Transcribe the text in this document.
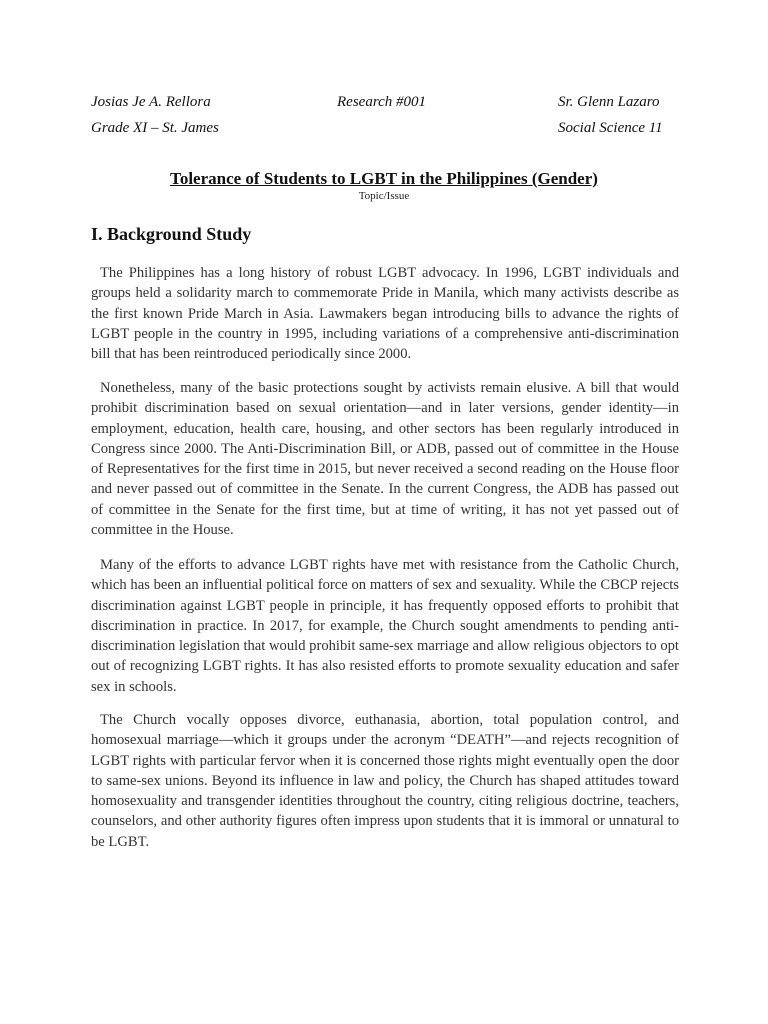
Josias Je A. Rellora	Research #001	Sr. Glenn Lazaro
Grade XI – St. James	Social Science 11
Tolerance of Students to LGBT in the Philippines (Gender)
Topic/Issue
I. Background Study

The Philippines has a long history of robust LGBT advocacy. In 1996, LGBT individuals and groups held a solidarity march to commemorate Pride in Manila, which many activists describe as the first known Pride March in Asia. Lawmakers began introducing bills to advance the rights of LGBT people in the country in 1995, including variations of a comprehensive anti-discrimination bill that has been reintroduced periodically since 2000.

Nonetheless, many of the basic protections sought by activists remain elusive. A bill that would prohibit discrimination based on sexual orientation—and in later versions, gender identity—in employment, education, health care, housing, and other sectors has been regularly introduced in Congress since 2000. The Anti-Discrimination Bill, or ADB, passed out of committee in the House of Representatives for the first time in 2015, but never received a second reading on the House floor and never passed out of committee in the Senate. In the current Congress, the ADB has passed out of committee in the Senate for the first time, but at time of writing, it has not yet passed out of committee in the House.

Many of the efforts to advance LGBT rights have met with resistance from the Catholic Church, which has been an influential political force on matters of sex and sexuality. While the CBCP rejects discrimination against LGBT people in principle, it has frequently opposed efforts to prohibit that discrimination in practice. In 2017, for example, the Church sought amendments to pending anti-discrimination legislation that would prohibit same-sex marriage and allow religious objectors to opt out of recognizing LGBT rights. It has also resisted efforts to promote sexuality education and safer sex in schools.

The Church vocally opposes divorce, euthanasia, abortion, total population control, and homosexual marriage—which it groups under the acronym “DEATH”—and rejects recognition of LGBT rights with particular fervor when it is concerned those rights might eventually open the door to same-sex unions. Beyond its influence in law and policy, the Church has shaped attitudes toward homosexuality and transgender identities throughout the country, citing religious doctrine, teachers, counselors, and other authority figures often impress upon students that it is immoral or unnatural to be LGBT.
